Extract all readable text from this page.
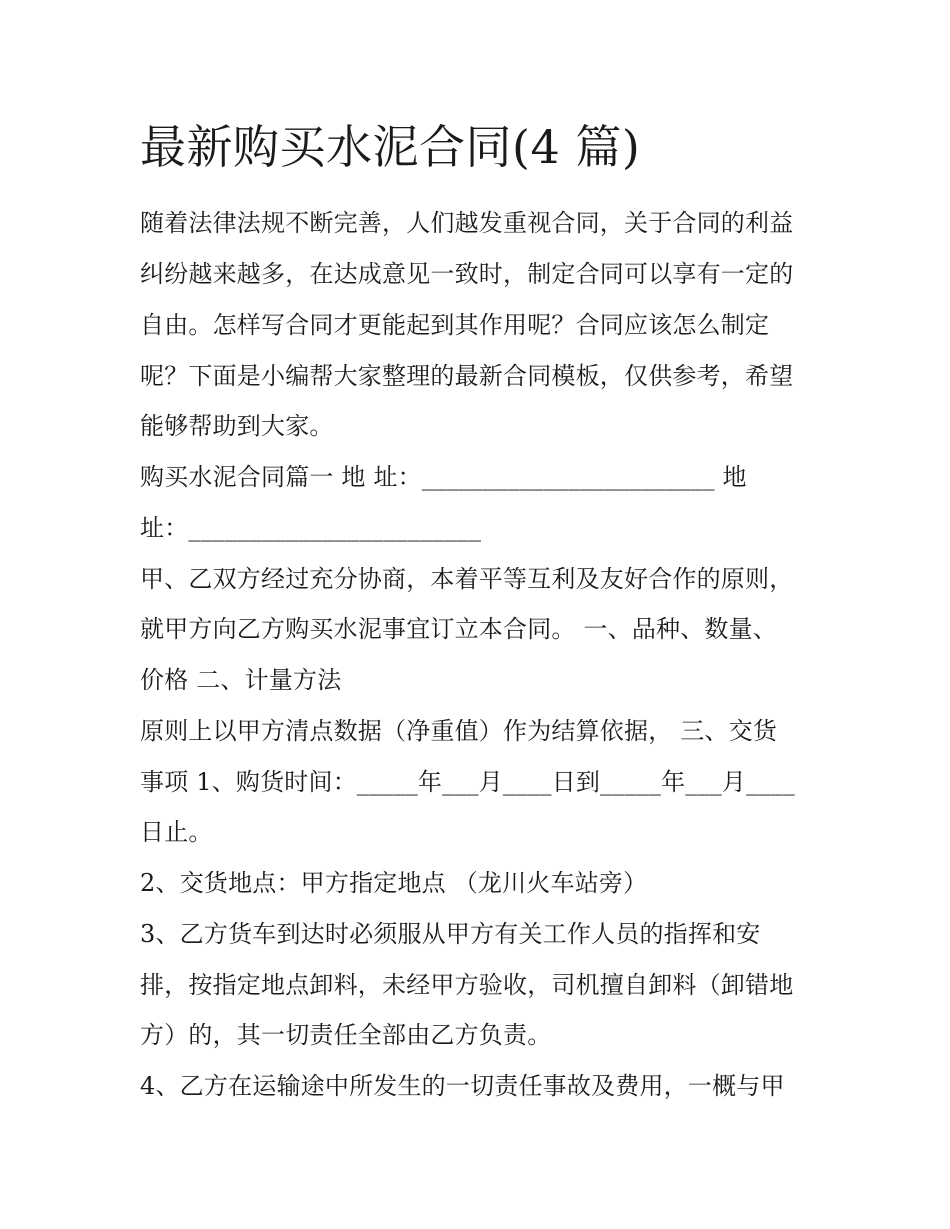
最新购买水泥合同(4 篇)
随着法律法规不断完善，人们越发重视合同，关于合同的利益
纠纷越来越多，在达成意见一致时，制定合同可以享有一定的
自由。怎样写合同才更能起到其作用呢？合同应该怎么制定
呢？下面是小编帮大家整理的最新合同模板，仅供参考，希望
能够帮助到大家。
购买水泥合同篇一 地 址：________________________ 地
址：________________________
甲、乙双方经过充分协商，本着平等互利及友好合作的原则，
就甲方向乙方购买水泥事宜订立本合同。 一、品种、数量、
价格 二、计量方法
原则上以甲方清点数据（净重值）作为结算依据， 三、交货
事项 1、购货时间：_____年___月____日到_____年___月____
日止。
2、交货地点：甲方指定地点 （龙川火车站旁）
3、乙方货车到达时必须服从甲方有关工作人员的指挥和安
排，按指定地点卸料，未经甲方验收，司机擅自卸料（卸错地
方）的，其一切责任全部由乙方负责。
4、乙方在运输途中所发生的一切责任事故及费用，一概与甲
